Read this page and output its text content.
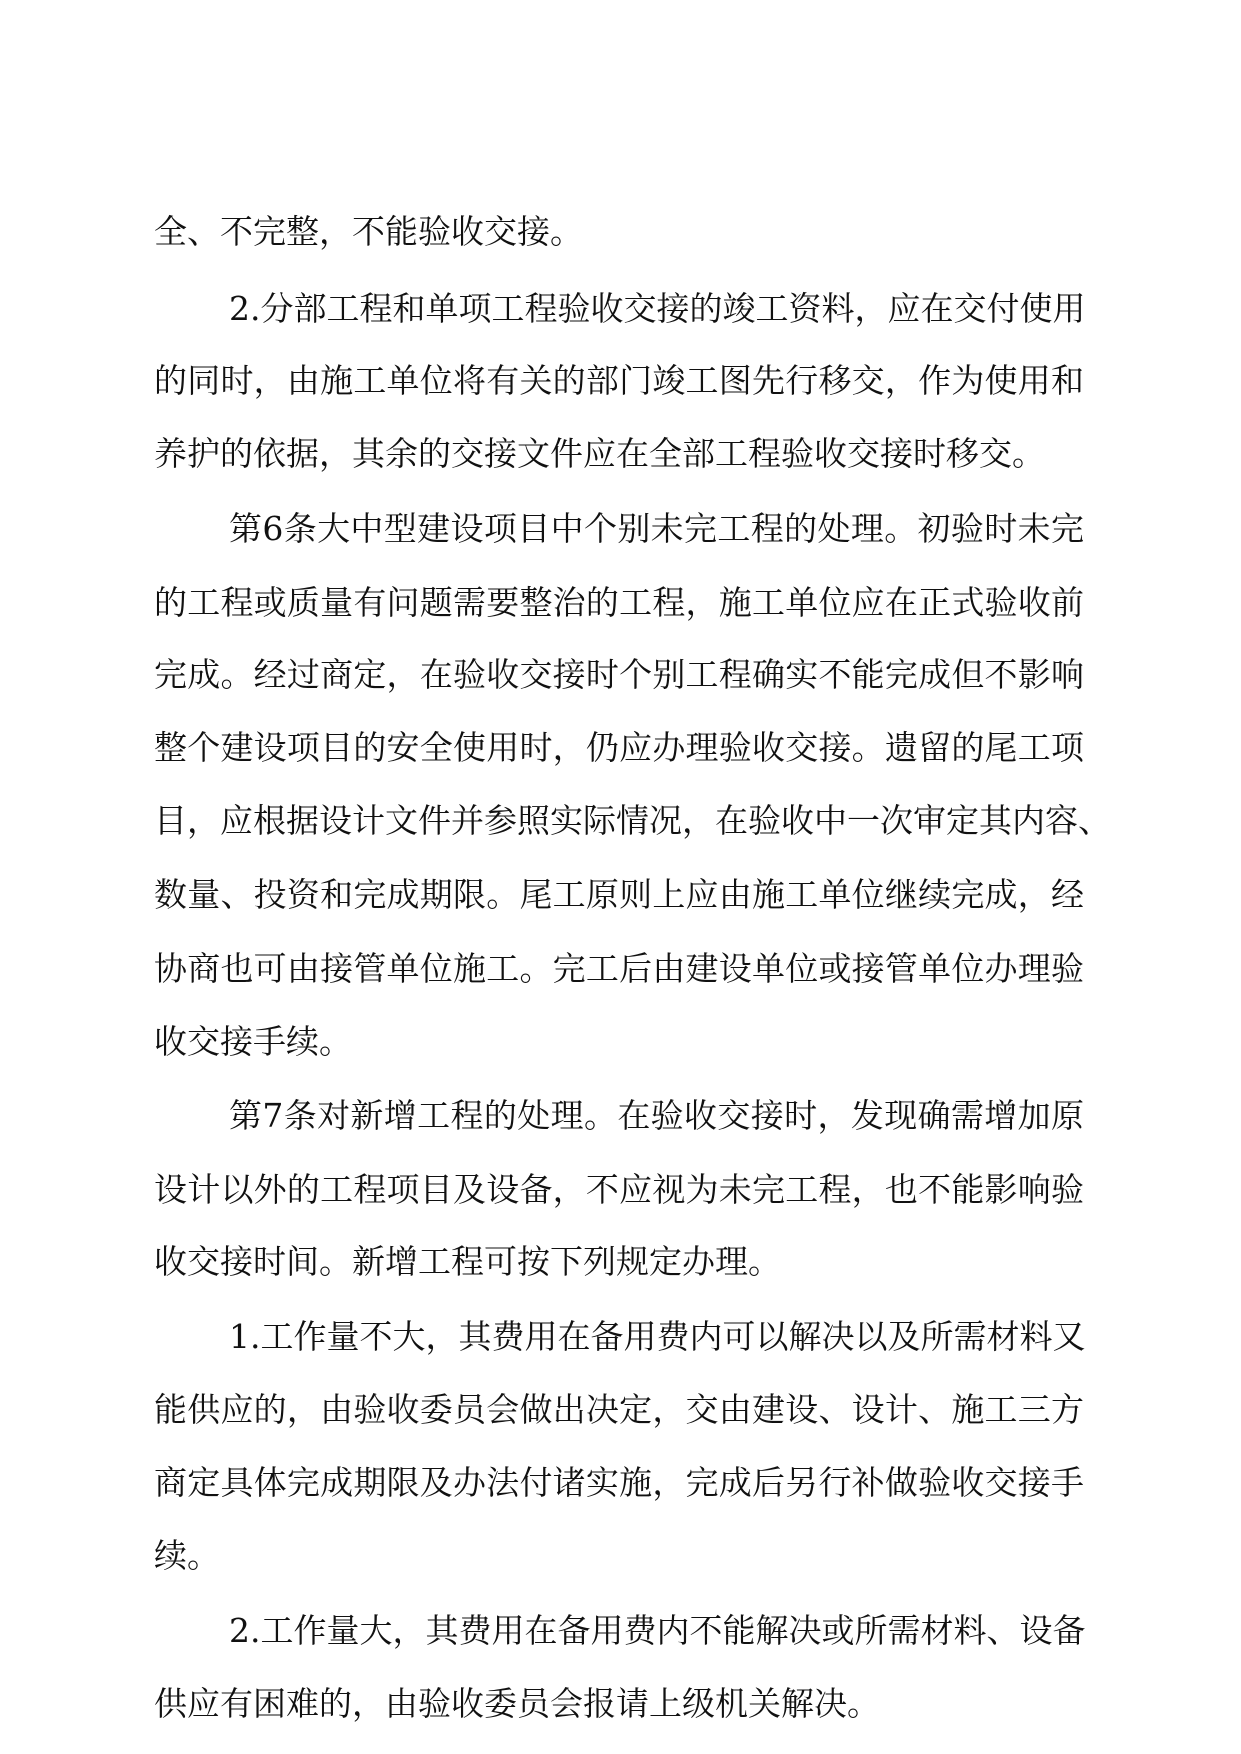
全、不完整，不能验收交接。
2.分部工程和单项工程验收交接的竣工资料，应在交付使用
的同时，由施工单位将有关的部门竣工图先行移交，作为使用和
养护的依据，其余的交接文件应在全部工程验收交接时移交。
第6条大中型建设项目中个别未完工程的处理。初验时未完
的工程或质量有问题需要整治的工程，施工单位应在正式验收前
完成。经过商定，在验收交接时个别工程确实不能完成但不影响
整个建设项目的安全使用时，仍应办理验收交接。遗留的尾工项
目，应根据设计文件并参照实际情况，在验收中一次审定其内容、
数量、投资和完成期限。尾工原则上应由施工单位继续完成，经
协商也可由接管单位施工。完工后由建设单位或接管单位办理验
收交接手续。
第7条对新增工程的处理。在验收交接时，发现确需增加原
设计以外的工程项目及设备，不应视为未完工程，也不能影响验
收交接时间。新增工程可按下列规定办理。
1.工作量不大，其费用在备用费内可以解决以及所需材料又
能供应的，由验收委员会做出决定，交由建设、设计、施工三方
商定具体完成期限及办法付诸实施，完成后另行补做验收交接手
续。
2.工作量大，其费用在备用费内不能解决或所需材料、设备
供应有困难的，由验收委员会报请上级机关解决。
